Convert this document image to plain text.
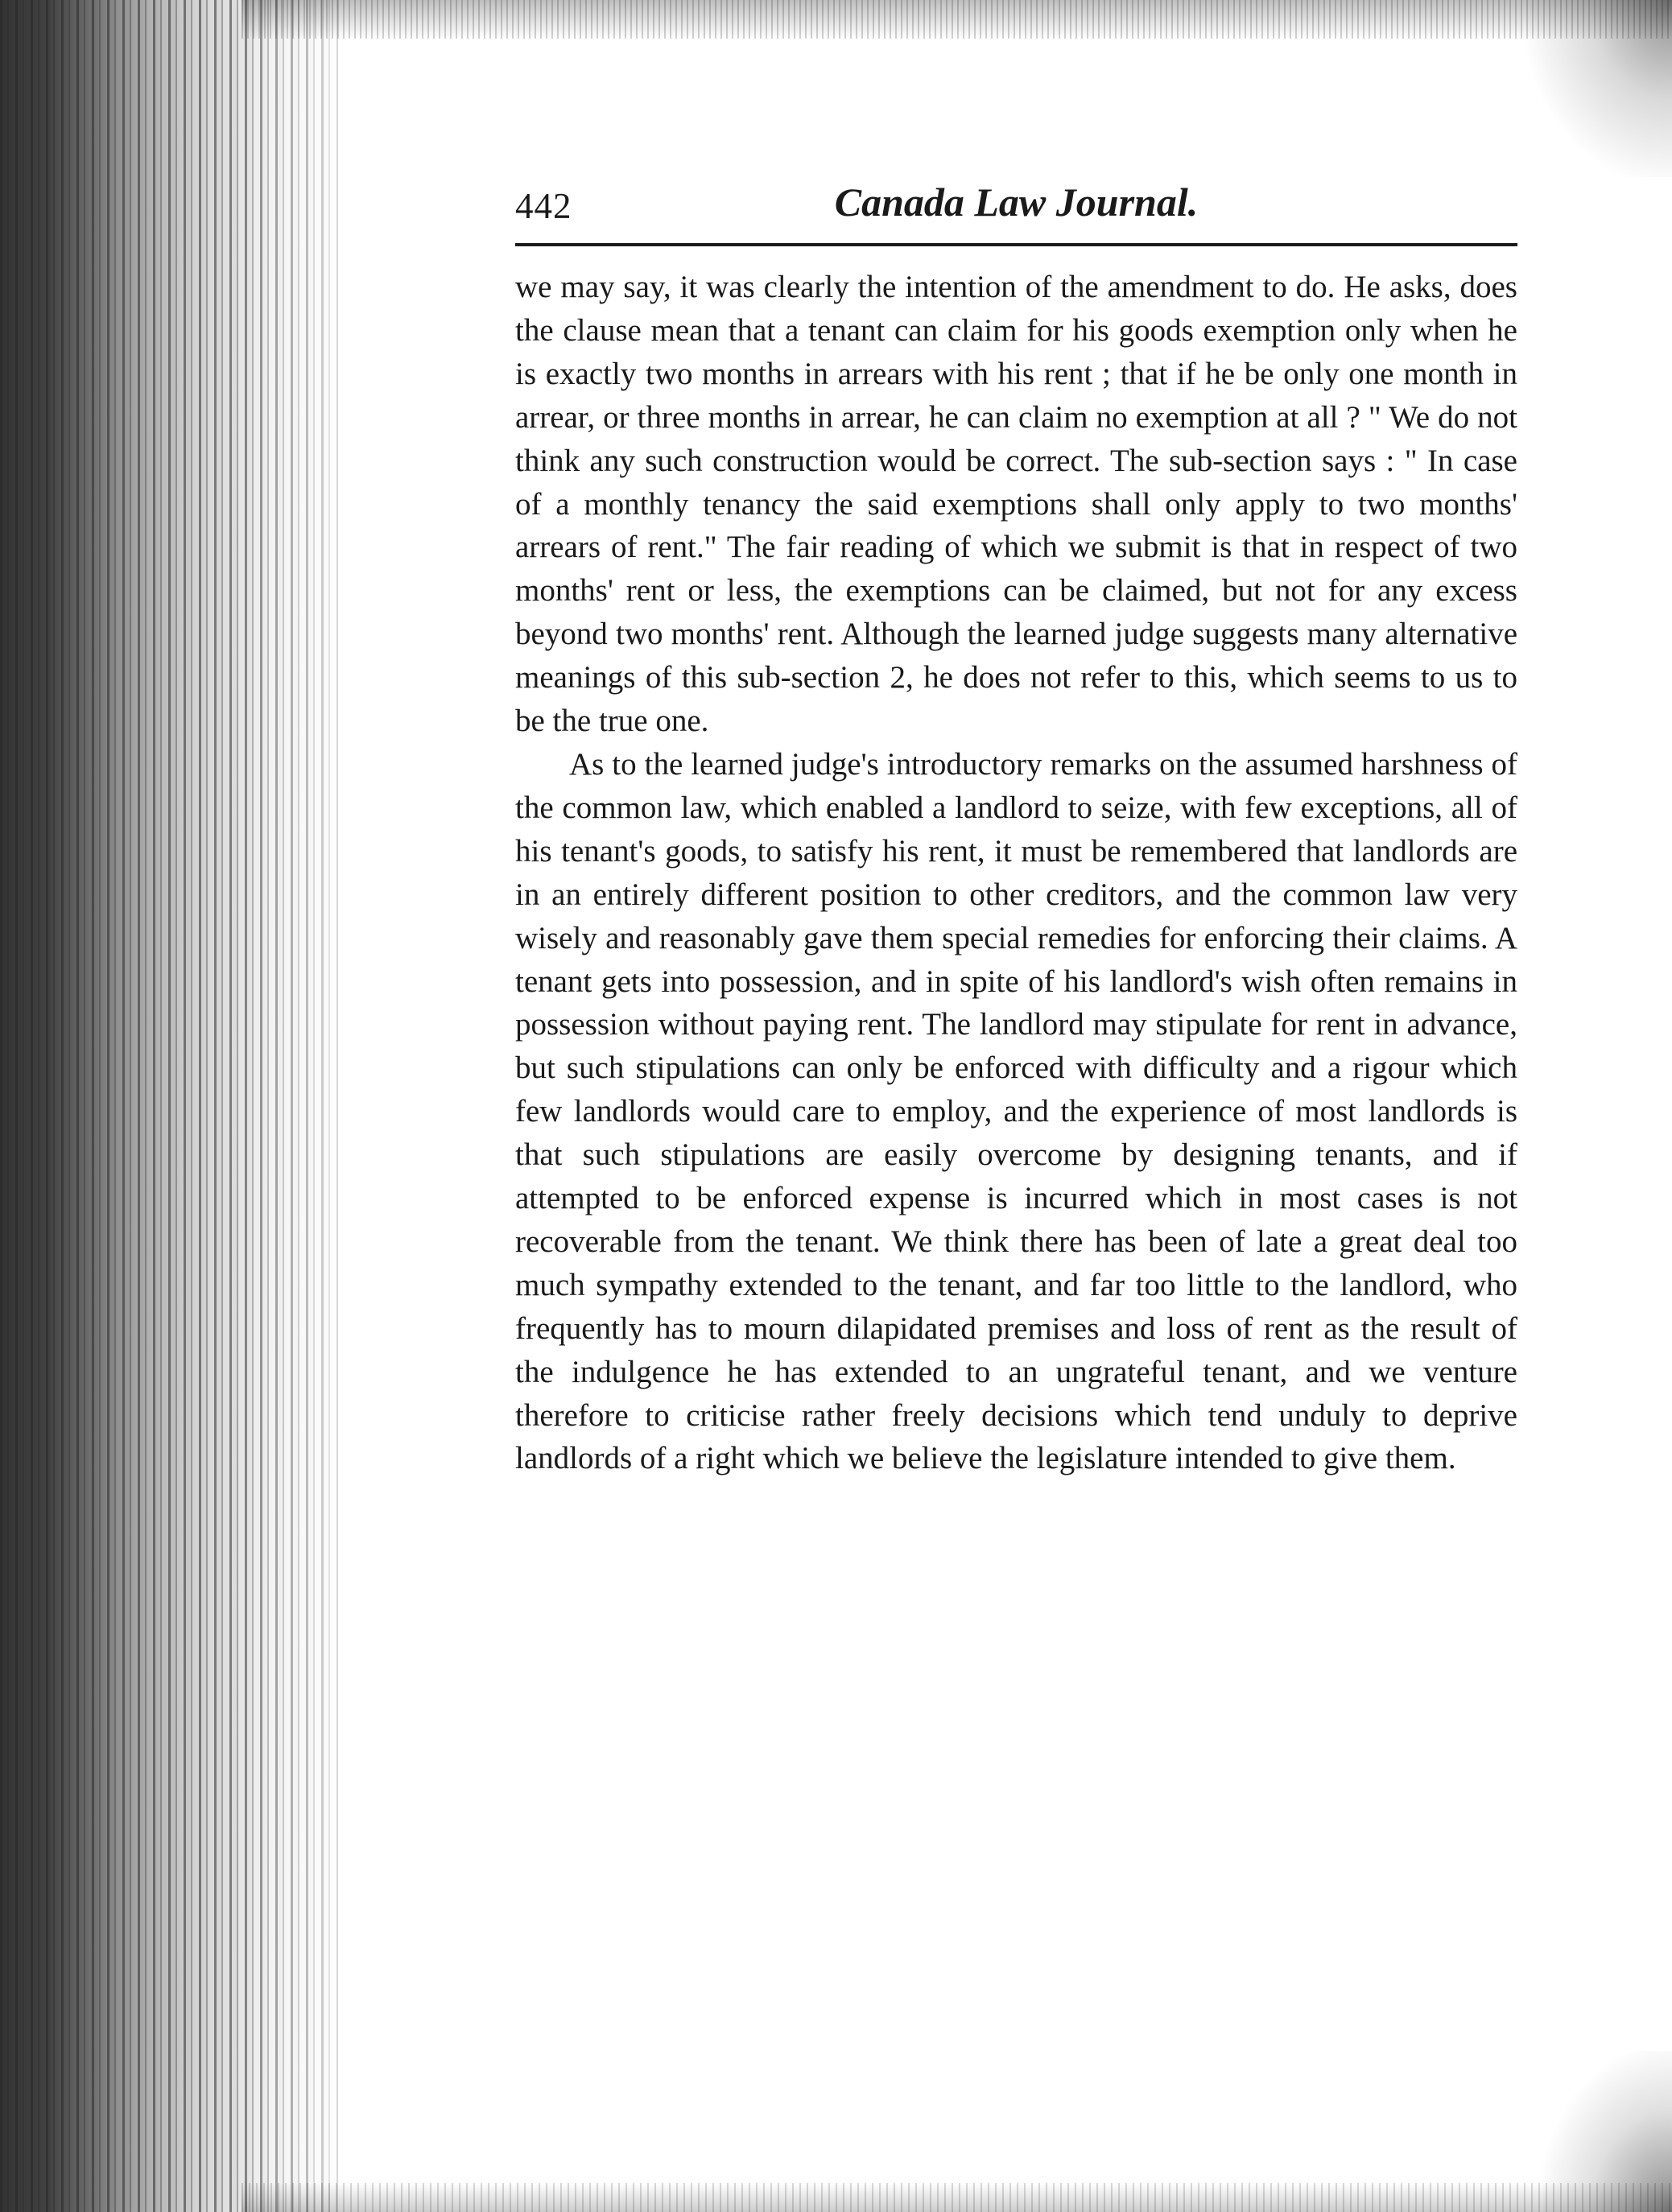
442	Canada Law Journal.

we may say, it was clearly the intention of the amendment to do. He asks, does the clause mean that a tenant can claim for his goods exemption only when he is exactly two months in arrears with his rent ; that if he be only one month in arrear, or three months in arrear, he can claim no exemption at all ? " We do not think any such construction would be correct. The sub-section says : " In case of a monthly tenancy the said exemptions shall only apply to two months' arrears of rent." The fair reading of which we submit is that in respect of two months' rent or less, the exemptions can be claimed, but not for any excess beyond two months' rent. Although the learned judge suggests many alternative meanings of this sub-section 2, he does not refer to this, which seems to us to be the true one.

As to the learned judge's introductory remarks on the assumed harshness of the common law, which enabled a landlord to seize, with few exceptions, all of his tenant's goods, to satisfy his rent, it must be remembered that landlords are in an entirely different position to other creditors, and the common law very wisely and reasonably gave them special remedies for enforcing their claims. A tenant gets into possession, and in spite of his landlord's wish often remains in possession without paying rent. The landlord may stipulate for rent in advance, but such stipulations can only be enforced with difficulty and a rigour which few landlords would care to employ, and the experience of most landlords is that such stipulations are easily overcome by designing tenants, and if attempted to be enforced expense is incurred which in most cases is not recoverable from the tenant. We think there has been of late a great deal too much sympathy extended to the tenant, and far too little to the landlord, who frequently has to mourn dilapidated premises and loss of rent as the result of the indulgence he has extended to an ungrateful tenant, and we venture therefore to criticise rather freely decisions which tend unduly to deprive landlords of a right which we believe the legislature intended to give them.
